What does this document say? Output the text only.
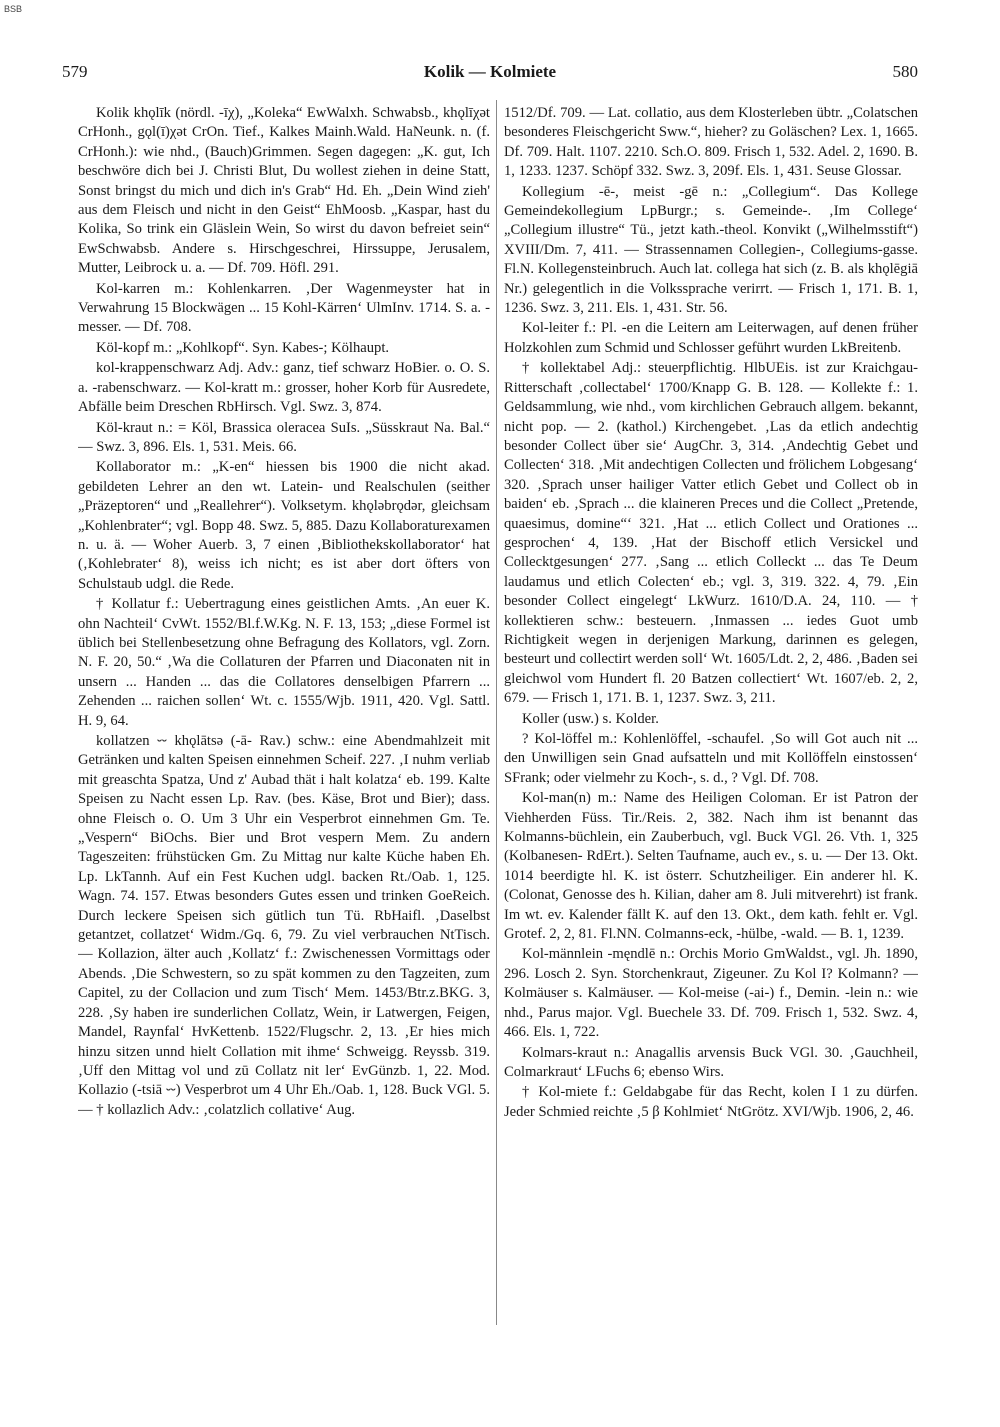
BSB
579	Kolik — Kolmiete	580

Kolik khǫlīk (nördl. -īχ), „Koleka“ EwWalxh. Schwabsb., khǫlīχət CrHonh., gǫl(ī)χət CrOn. Tief., Kalkes Mainh.Wald. HaNeunk. n. (f. CrHonh.): wie nhd., (Bauch)Grimmen. Segen dagegen: „K. gut, Ich beschwöre dich bei J. Christi Blut, Du wollest ziehen in deine Statt, Sonst bringst du mich und dich in's Grab“ Hd. Eh. „Dein Wind zieh' aus dem Fleisch und nicht in den Geist“ EhMoosb. „Kaspar, hast du Kolika, So trink ein Gläslein Wein, So wirst du davon befreiet sein“ EwSchwabsb. Andere s. Hirschgeschrei, Hirssuppe, Jerusalem, Mutter, Leibrock u. a. — Df. 709. Höfl. 291.

Kol-karren m.: Kohlenkarren. ‚Der Wagenmeyster hat in Verwahrung 15 Blockwägen ... 15 Kohl-Kärren‘ UlmInv. 1714. S. a. -messer. — Df. 708.

Köl-kopf m.: „Kohlkopf“. Syn. Kabes-; Kölhaupt.

kol-krappenschwarz Adj. Adv.: ganz, tief schwarz HoBier. o. O. S. a. -rabenschwarz. — Kol-kratt m.: grosser, hoher Korb für Ausredete, Abfälle beim Dreschen RbHirsch. Vgl. Swz. 3, 874.

Köl-kraut n.: = Köl, Brassica oleracea SuIs. „Süsskraut Na. Bal.“ — Swz. 3, 896. Els. 1, 531. Meis. 66.

Kollaborator m.: „K-en“ hiessen bis 1900 die nicht akad. gebildeten Lehrer an den wt. Latein- und Realschulen (seither „Präzeptoren“ und „Reallehrer“). Volksetym. khǫləbrǫdər, gleichsam „Kohlenbrater“; vgl. Bopp 48. Swz. 5, 885. Dazu Kollaboraturexamen n. u. ä. — Woher Auerb. 3, 7 einen ‚Bibliothekskollaborator‘ hat (‚Kohlebrater‘ 8), weiss ich nicht; es ist aber dort öfters von Schulstaub udgl. die Rede.

† Kollatur f.: Uebertragung eines geistlichen Amts. ‚An euer K. ohn Nachteil‘ CvWt. 1552/Bl.f.W.Kg. N. F. 13, 153; „diese Formel ist üblich bei Stellenbesetzung ohne Befragung des Kollators, vgl. Zorn. N. F. 20, 50.“ ‚Wa die Collaturen der Pfarren und Diaconaten nit in unsern ... Handen ... das die Collatores denselbigen Pfarrern ... Zehenden ... raichen sollen‘ Wt. c. 1555/Wjb. 1911, 420. Vgl. Sattl. H. 9, 64.

kollatzen ⏑⏑ khǫlātsə (-ā- Rav.) schw.: eine Abendmahlzeit mit Getränken und kalten Speisen einnehmen Scheif. 227. ‚I nuhm verliab mit greaschta Spatza, Und z' Aubad thät i halt kolatza‘ eb. 199. Kalte Speisen zu Nacht essen Lp. Rav. (bes. Käse, Brot und Bier); dass. ohne Fleisch o. O. Um 3 Uhr ein Vesperbrot einnehmen Gm. Te. „Vespern“ BiOchs. Bier und Brot vespern Mem. Zu andern Tageszeiten: frühstücken Gm. Zu Mittag nur kalte Küche haben Eh. Lp. LkTannh. Auf ein Fest Kuchen udgl. backen Rt./Oab. 1, 125. Wagn. 74. 157. Etwas besonders Gutes essen und trinken GoeReich. Durch leckere Speisen sich gütlich tun Tü. RbHaifl. ‚Daselbst getantzet, collatzet‘ Widm./Gq. 6, 79. Zu viel verbrauchen NtTisch. — Kollazion, älter auch ‚Kollatz‘ f.: Zwischenessen Vormittags oder Abends. ‚Die Schwestern, so zu spät kommen zu den Tagzeiten, zum Capitel, zu der Collacion und zum Tisch‘ Mem. 1453/Btr.z.BKG. 3, 228. ‚Sy haben ire sunderlichen Collatz, Wein, ir Latwergen, Feigen, Mandel, Raynfal‘ HvKettenb. 1522/Flugschr. 2, 13. ‚Er hies mich hinzu sitzen unnd hielt Collation mit ihme‘ Schweigg. Reyssb. 319. ‚Uff den Mittag vol und zū Collatz nit ler‘ EvGünzb. 1, 22. Mod. Kollazio (-tsiā ⏑⏑) Vesperbrot um 4 Uhr Eh./Oab. 1, 128. Buck VGl. 5. — † kollazlich Adv.: ‚colatzlich collative‘ Aug.

1512/Df. 709. — Lat. collatio, aus dem Klosterleben übtr. „Colatschen besonderes Fleischgericht Sww.“, hieher? zu Goläschen? Lex. 1, 1665. Df. 709. Halt. 1107. 2210. Sch.O. 809. Frisch 1, 532. Adel. 2, 1690. B. 1, 1233. 1237. Schöpf 332. Swz. 3, 209f. Els. 1, 431. Seuse Glossar.

Kollegium -ē-, meist -gē n.: „Collegium“. Das Kollege Gemeindekollegium LpBurgr.; s. Gemeinde-. ‚Im College‘ „Collegium illustre“ Tü., jetzt kath.-theol. Konvikt („Wilhelmsstift“) XVIII/Dm. 7, 411. — Strassennamen Collegien-, Collegiums-gasse. Fl.N. Kollegensteinbruch. Auch lat. collega hat sich (z. B. als khǫlēgiā Nr.) gelegentlich in die Volkssprache verirrt. — Frisch 1, 171. B. 1, 1236. Swz. 3, 211. Els. 1, 431. Str. 56.

Kol-leiter f.: Pl. -en die Leitern am Leiterwagen, auf denen früher Holzkohlen zum Schmid und Schlosser geführt wurden LkBreitenb.

† kollektabel Adj.: steuerpflichtig. HlbUEis. ist zur Kraichgau-Ritterschaft ‚collectabel‘ 1700/Knapp G. B. 128. — Kollekte f.: 1. Geldsammlung, wie nhd., vom kirchlichen Gebrauch allgem. bekannt, nicht pop. — 2. (kathol.) Kirchengebet. ‚Las da etlich andechtig besonder Collect über sie‘ AugChr. 3, 314. ‚Andechtig Gebet und Collecten‘ 318. ‚Mit andechtigen Collecten und frölichem Lobgesang‘ 320. ‚Sprach unser hailiger Vatter etlich Gebet und Collect ob in baiden‘ eb. ‚Sprach ... die klaineren Preces und die Collect „Pretende, quaesimus, domine“‘ 321. ‚Hat ... etlich Collect und Orationes ... gesprochen‘ 4, 139. ‚Hat der Bischoff etlich Versickel und Collecktgesungen‘ 277. ‚Sang ... etlich Colleckt ... das Te Deum laudamus und etlich Colecten‘ eb.; vgl. 3, 319. 322. 4, 79. ‚Ein besonder Collect eingelegt‘ LkWurz. 1610/D.A. 24, 110. — † kollektieren schw.: besteuern. ‚Inmassen ... iedes Guot umb Richtigkeit wegen in derjenigen Markung, darinnen es gelegen, besteurt und collectirt werden soll‘ Wt. 1605/Ldt. 2, 2, 486. ‚Baden sei gleichwol vom Hundert fl. 20 Batzen collectiert‘ Wt. 1607/eb. 2, 2, 679. — Frisch 1, 171. B. 1, 1237. Swz. 3, 211.

Koller (usw.) s. Kolder.

? Kol-löffel m.: Kohlenlöffel, -schaufel. ‚So will Got auch nit ... den Unwilligen sein Gnad aufsatteln und mit Kollöffeln einstossen‘ SFrank; oder vielmehr zu Koch-, s. d., ? Vgl. Df. 708.

Kol-man(n) m.: Name des Heiligen Coloman. Er ist Patron der Viehherden Füss. Tir./Reis. 2, 382. Nach ihm ist benannt das Kolmanns-büchlein, ein Zauberbuch, vgl. Buck VGl. 26. Vth. 1, 325 (Kolbanesen- RdErt.). Selten Taufname, auch ev., s. u. — Der 13. Okt. 1014 beerdigte hl. K. ist österr. Schutzheiliger. Ein anderer hl. K. (Colonat, Genosse des h. Kilian, daher am 8. Juli mitverehrt) ist frank. Im wt. ev. Kalender fällt K. auf den 13. Okt., dem kath. fehlt er. Vgl. Grotef. 2, 2, 81. Fl.NN. Colmanns-eck, -hülbe, -wald. — B. 1, 1239.

Kol-männlein -męndlē n.: Orchis Morio GmWaldst., vgl. Jh. 1890, 296. Losch 2. Syn. Storchenkraut, Zigeuner. Zu Kol I? Kolmann? — Kolmäuser s. Kalmäuser. — Kol-meise (-ai-) f., Demin. -lein n.: wie nhd., Parus major. Vgl. Buechele 33. Df. 709. Frisch 1, 532. Swz. 4, 466. Els. 1, 722.

Kolmars-kraut n.: Anagallis arvensis Buck VGl. 30. ‚Gauchheil, Colmarkraut‘ LFuchs 6; ebenso Wirs.

† Kol-miete f.: Geldabgabe für das Recht, kolen I 1 zu dürfen. Jeder Schmied reichte ‚5 β Kohlmiet‘ NtGrötz. XVI/Wjb. 1906, 2, 46.
